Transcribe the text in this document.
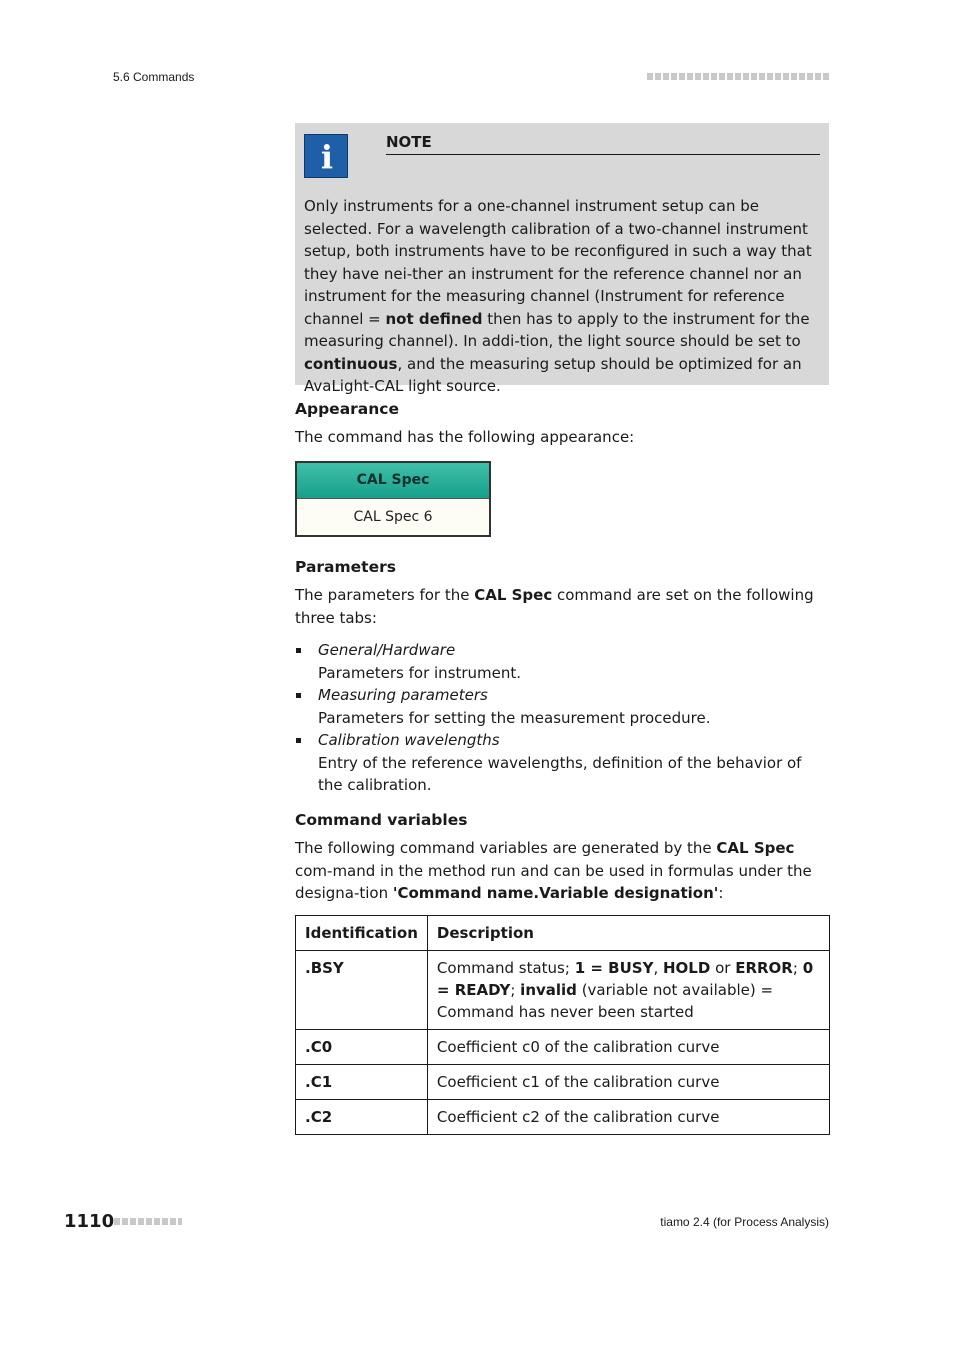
5.6 Commands
i	NOTE
Only instruments for a one-channel instrument setup can be selected. For a wavelength calibration of a two-channel instrument setup, both instruments have to be reconfigured in such a way that they have nei-ther an instrument for the reference channel nor an instrument for the measuring channel (Instrument for reference channel = not defined then has to apply to the instrument for the measuring channel). In addi-tion, the light source should be set to continuous, and the measuring setup should be optimized for an AvaLight-CAL light source.
Appearance
The command has the following appearance:
CAL Spec
CAL Spec 6
Parameters
The parameters for the CAL Spec command are set on the following three tabs:
General/Hardware
Parameters for instrument.
Measuring parameters
Parameters for setting the measurement procedure.
Calibration wavelengths
Entry of the reference wavelengths, definition of the behavior of the calibration.
Command variables
The following command variables are generated by the CAL Spec com-mand in the method run and can be used in formulas under the designa-tion 'Command name.Variable designation':
Identification	Description
.BSY	Command status; 1 = BUSY, HOLD or ERROR; 0 = READY; invalid (variable not available) = Command has never been started
.C0	Coefficient c0 of the calibration curve
.C1	Coefficient c1 of the calibration curve
.C2	Coefficient c2 of the calibration curve
1110	tiamo 2.4 (for Process Analysis)
